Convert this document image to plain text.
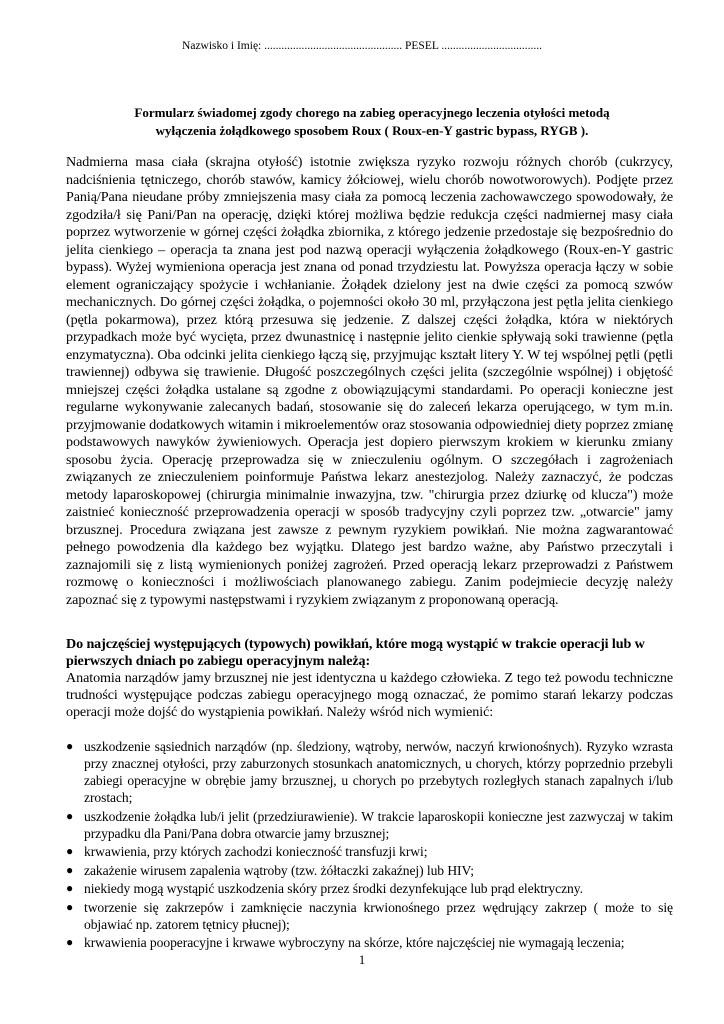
Nazwisko i Imię: ................................................ PESEL ...................................
Formularz świadomej zgody chorego na zabieg operacyjnego leczenia otyłości metodą
wyłączenia żołądkowego sposobem Roux ( Roux-en-Y gastric bypass, RYGB ).

Nadmierna masa ciała (skrajna otyłość) istotnie zwiększa ryzyko rozwoju różnych chorób (cukrzycy, nadciśnienia tętniczego, chorób stawów, kamicy żółciowej, wielu chorób nowotworowych). Podjęte przez Panią/Pana nieudane próby zmniejszenia masy ciała za pomocą leczenia zachowawczego spowodowały, że zgodziła/ł się Pani/Pan na operację, dzięki której możliwa będzie redukcja części nadmiernej masy ciała poprzez wytworzenie w górnej części żołądka zbiornika, z którego jedzenie przedostaje się bezpośrednio do jelita cienkiego – operacja ta znana jest pod nazwą operacji wyłączenia żołądkowego (Roux-en-Y gastric bypass). Wyżej wymieniona operacja jest znana od ponad trzydziestu lat. Powyższa operacja łączy w sobie element ograniczający spożycie i wchłanianie. Żołądek dzielony jest na dwie części za pomocą szwów mechanicznych. Do górnej części żołądka, o pojemności około 30 ml, przyłączona jest pętla jelita cienkiego (pętla pokarmowa), przez którą przesuwa się jedzenie. Z dalszej części żołądka, która w niektórych przypadkach może być wycięta, przez dwunastnicę i następnie jelito cienkie spływają soki trawienne (pętla enzymatyczna). Oba odcinki jelita cienkiego łączą się, przyjmując kształt litery Y. W tej wspólnej pętli (pętli trawiennej) odbywa się trawienie. Długość poszczególnych części jelita (szczególnie wspólnej) i objętość mniejszej części żołądka ustalane są zgodne z obowiązującymi standardami. Po operacji konieczne jest regularne wykonywanie zalecanych badań, stosowanie się do zaleceń lekarza operującego, w tym m.in. przyjmowanie dodatkowych witamin i mikroelementów oraz stosowania odpowiedniej diety poprzez zmianę podstawowych nawyków żywieniowych. Operacja jest dopiero pierwszym krokiem w kierunku zmiany sposobu życia. Operację przeprowadza się w znieczuleniu ogólnym. O szczegółach i zagrożeniach związanych ze znieczuleniem poinformuje Państwa lekarz anestezjolog. Należy zaznaczyć, że podczas metody laparoskopowej (chirurgia minimalnie inwazyjna, tzw. "chirurgia przez dziurkę od klucza") może zaistnieć konieczność przeprowadzenia operacji w sposób tradycyjny czyli poprzez tzw. „otwarcie" jamy brzusznej. Procedura związana jest zawsze z pewnym ryzykiem powikłań. Nie można zagwarantować pełnego powodzenia dla każdego bez wyjątku. Dlatego jest bardzo ważne, aby Państwo przeczytali i zaznajomili się z listą wymienionych poniżej zagrożeń. Przed operacją lekarz przeprowadzi z Państwem rozmowę o konieczności i możliwościach planowanego zabiegu. Zanim podejmiecie decyzję należy zapoznać się z typowymi następstwami i ryzykiem związanym z proponowaną operacją.

Do najczęściej występujących (typowych) powikłań, które mogą wystąpić w trakcie operacji lub w pierwszych dniach po zabiegu operacyjnym należą:
Anatomia narządów jamy brzusznej nie jest identyczna u każdego człowieka. Z tego też powodu techniczne trudności występujące podczas zabiegu operacyjnego mogą oznaczać, że pomimo starań lekarzy podczas operacji może dojść do wystąpienia powikłań. Należy wśród nich wymienić:
● uszkodzenie sąsiednich narządów (np. śledziony, wątroby, nerwów, naczyń krwionośnych). Ryzyko wzrasta przy znacznej otyłości, przy zaburzonych stosunkach anatomicznych, u chorych, którzy poprzednio przebyli zabiegi operacyjne w obrębie jamy brzusznej, u chorych po przebytych rozległych stanach zapalnych i/lub zrostach;
● uszkodzenie żołądka lub/i jelit (przedziurawienie). W trakcie laparoskopii konieczne jest zazwyczaj w takim przypadku dla Pani/Pana dobra otwarcie jamy brzusznej;
● krwawienia, przy których zachodzi konieczność transfuzji krwi;
● zakażenie wirusem zapalenia wątroby (tzw. żółtaczki zakaźnej) lub HIV;
● niekiedy mogą wystąpić uszkodzenia skóry przez środki dezynfekujące lub prąd elektryczny.
● tworzenie się zakrzepów i zamknięcie naczynia krwionośnego przez wędrujący zakrzep ( może to się objawiać np. zatorem tętnicy płucnej);
● krwawienia pooperacyjne i krwawe wybroczyny na skórze, które najczęściej nie wymagają leczenia;
1
